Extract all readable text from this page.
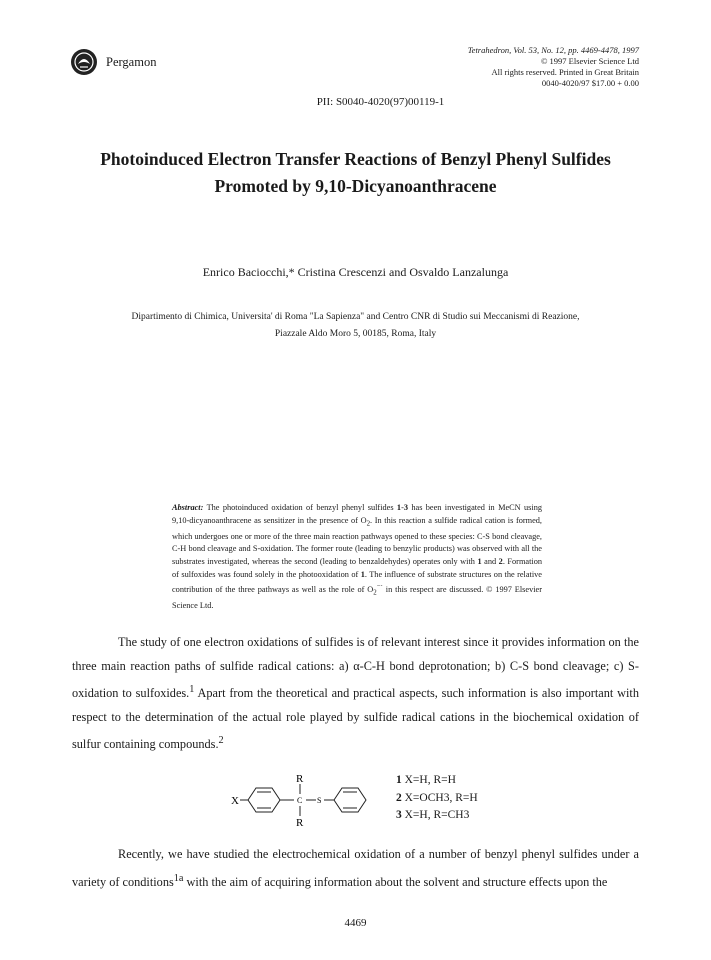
Pergamon
Tetrahedron, Vol. 53, No. 12, pp. 4469-4478, 1997
© 1997 Elsevier Science Ltd
All rights reserved. Printed in Great Britain
0040-4020/97 $17.00 + 0.00
PII: S0040-4020(97)00119-1
Photoinduced Electron Transfer Reactions of Benzyl Phenyl Sulfides
Promoted by 9,10-Dicyanoanthracene
Enrico Baciocchi,* Cristina Crescenzi and Osvaldo Lanzalunga
Dipartimento di Chimica, Universita' di Roma "La Sapienza" and Centro CNR di Studio sui Meccanismi di Reazione,
Piazzale Aldo Moro 5, 00185, Roma, Italy
Abstract: The photoinduced oxidation of benzyl phenyl sulfides 1-3 has been investigated in MeCN using 9,10-dicyanoanthracene as sensitizer in the presence of $O_2$. In this reaction a sulfide radical cation is formed, which undergoes one or more of the three main reaction pathways opened to these species: C-S bond cleavage, C-H bond cleavage and S-oxidation. The former route (leading to benzylic products) was observed with all the substrates investigated, whereas the second (leading to benzaldehydes) operates only with 1 and 2. Formation of sulfoxides was found solely in the photooxidation of 1. The influence of substrate structures on the relative contribution of the three pathways as well as the role of $O_2^{-\cdot}$ in this respect are discussed. © 1997 Elsevier Science Ltd.
The study of one electron oxidations of sulfides is of relevant interest since it provides information on the three main reaction paths of sulfide radical cations: a) α-C-H bond deprotonation; b) C-S bond cleavage; c) S-oxidation to sulfoxides.$^1$ Apart from the theoretical and practical aspects, such information is also important with respect to the determination of the actual role played by sulfide radical cations in the biochemical oxidation of sulfur containing compounds.$^2$
X
R
C
R
S
1 X=H, R=H
2 X=OCH3, R=H
3 X=H, R=CH3
Recently, we have studied the electrochemical oxidation of a number of benzyl phenyl sulfides under a variety of conditions$^{1a}$ with the aim of acquiring information about the solvent and structure effects upon the
4469
